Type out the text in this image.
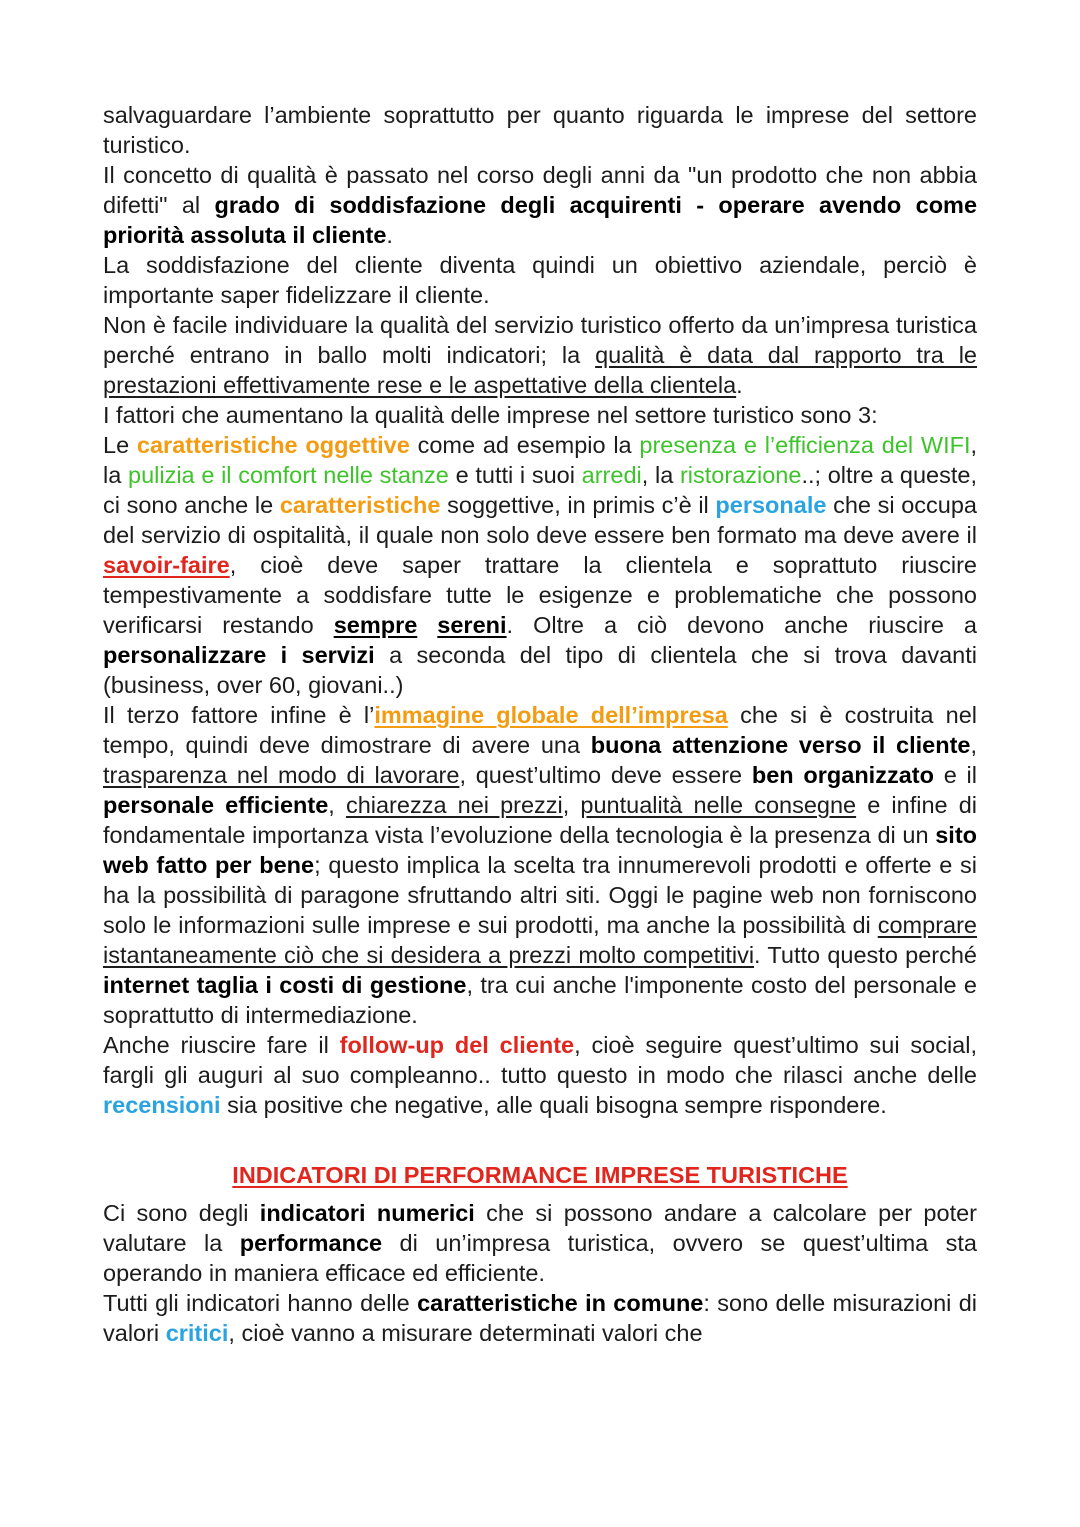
salvaguardare l’ambiente soprattutto per quanto riguarda le imprese del settore turistico.

Il concetto di qualità è passato nel corso degli anni da "un prodotto che non abbia difetti" al grado di soddisfazione degli acquirenti - operare avendo come priorità assoluta il cliente.

La soddisfazione del cliente diventa quindi un obiettivo aziendale, perciò è importante saper fidelizzare il cliente.

Non è facile individuare la qualità del servizio turistico offerto da un’impresa turistica perché entrano in ballo molti indicatori; la qualità è data dal rapporto tra le prestazioni effettivamente rese e le aspettative della clientela.

I fattori che aumentano la qualità delle imprese nel settore turistico sono 3:

Le caratteristiche oggettive come ad esempio la presenza e l’efficienza del WIFI, la pulizia e il comfort nelle stanze e tutti i suoi arredi, la ristorazione..; oltre a queste, ci sono anche le caratteristiche soggettive, in primis c’è il personale che si occupa del servizio di ospitalità, il quale non solo deve essere ben formato ma deve avere il savoir-faire, cioè deve saper trattare la clientela e soprattuto riuscire tempestivamente a soddisfare tutte le esigenze e problematiche che possono verificarsi restando sempre sereni. Oltre a ciò devono anche riuscire a personalizzare i servizi a seconda del tipo di clientela che si trova davanti (business, over 60, giovani..)

Il terzo fattore infine è l’immagine globale dell’impresa che si è costruita nel tempo, quindi deve dimostrare di avere una buona attenzione verso il cliente, trasparenza nel modo di lavorare, quest’ultimo deve essere ben organizzato e il personale efficiente, chiarezza nei prezzi, puntualità nelle consegne e infine di fondamentale importanza vista l’evoluzione della tecnologia è la presenza di un sito web fatto per bene; questo implica la scelta tra innumerevoli prodotti e offerte e si ha la possibilità di paragone sfruttando altri siti. Oggi le pagine web non forniscono solo le informazioni sulle imprese e sui prodotti, ma anche la possibilità di comprare istantaneamente ciò che si desidera a prezzi molto competitivi. Tutto questo perché internet taglia i costi di gestione, tra cui anche l'imponente costo del personale e soprattutto di intermediazione.

Anche riuscire fare il follow-up del cliente, cioè seguire quest’ultimo sui social, fargli gli auguri al suo compleanno.. tutto questo in modo che rilasci anche delle recensioni sia positive che negative, alle quali bisogna sempre rispondere.

INDICATORI DI PERFORMANCE IMPRESE TURISTICHE

Ci sono degli indicatori numerici che si possono andare a calcolare per poter valutare la performance di un’impresa turistica, ovvero se quest’ultima sta operando in maniera efficace ed efficiente.

Tutti gli indicatori hanno delle caratteristiche in comune: sono delle misurazioni di valori critici, cioè vanno a misurare determinati valori che
